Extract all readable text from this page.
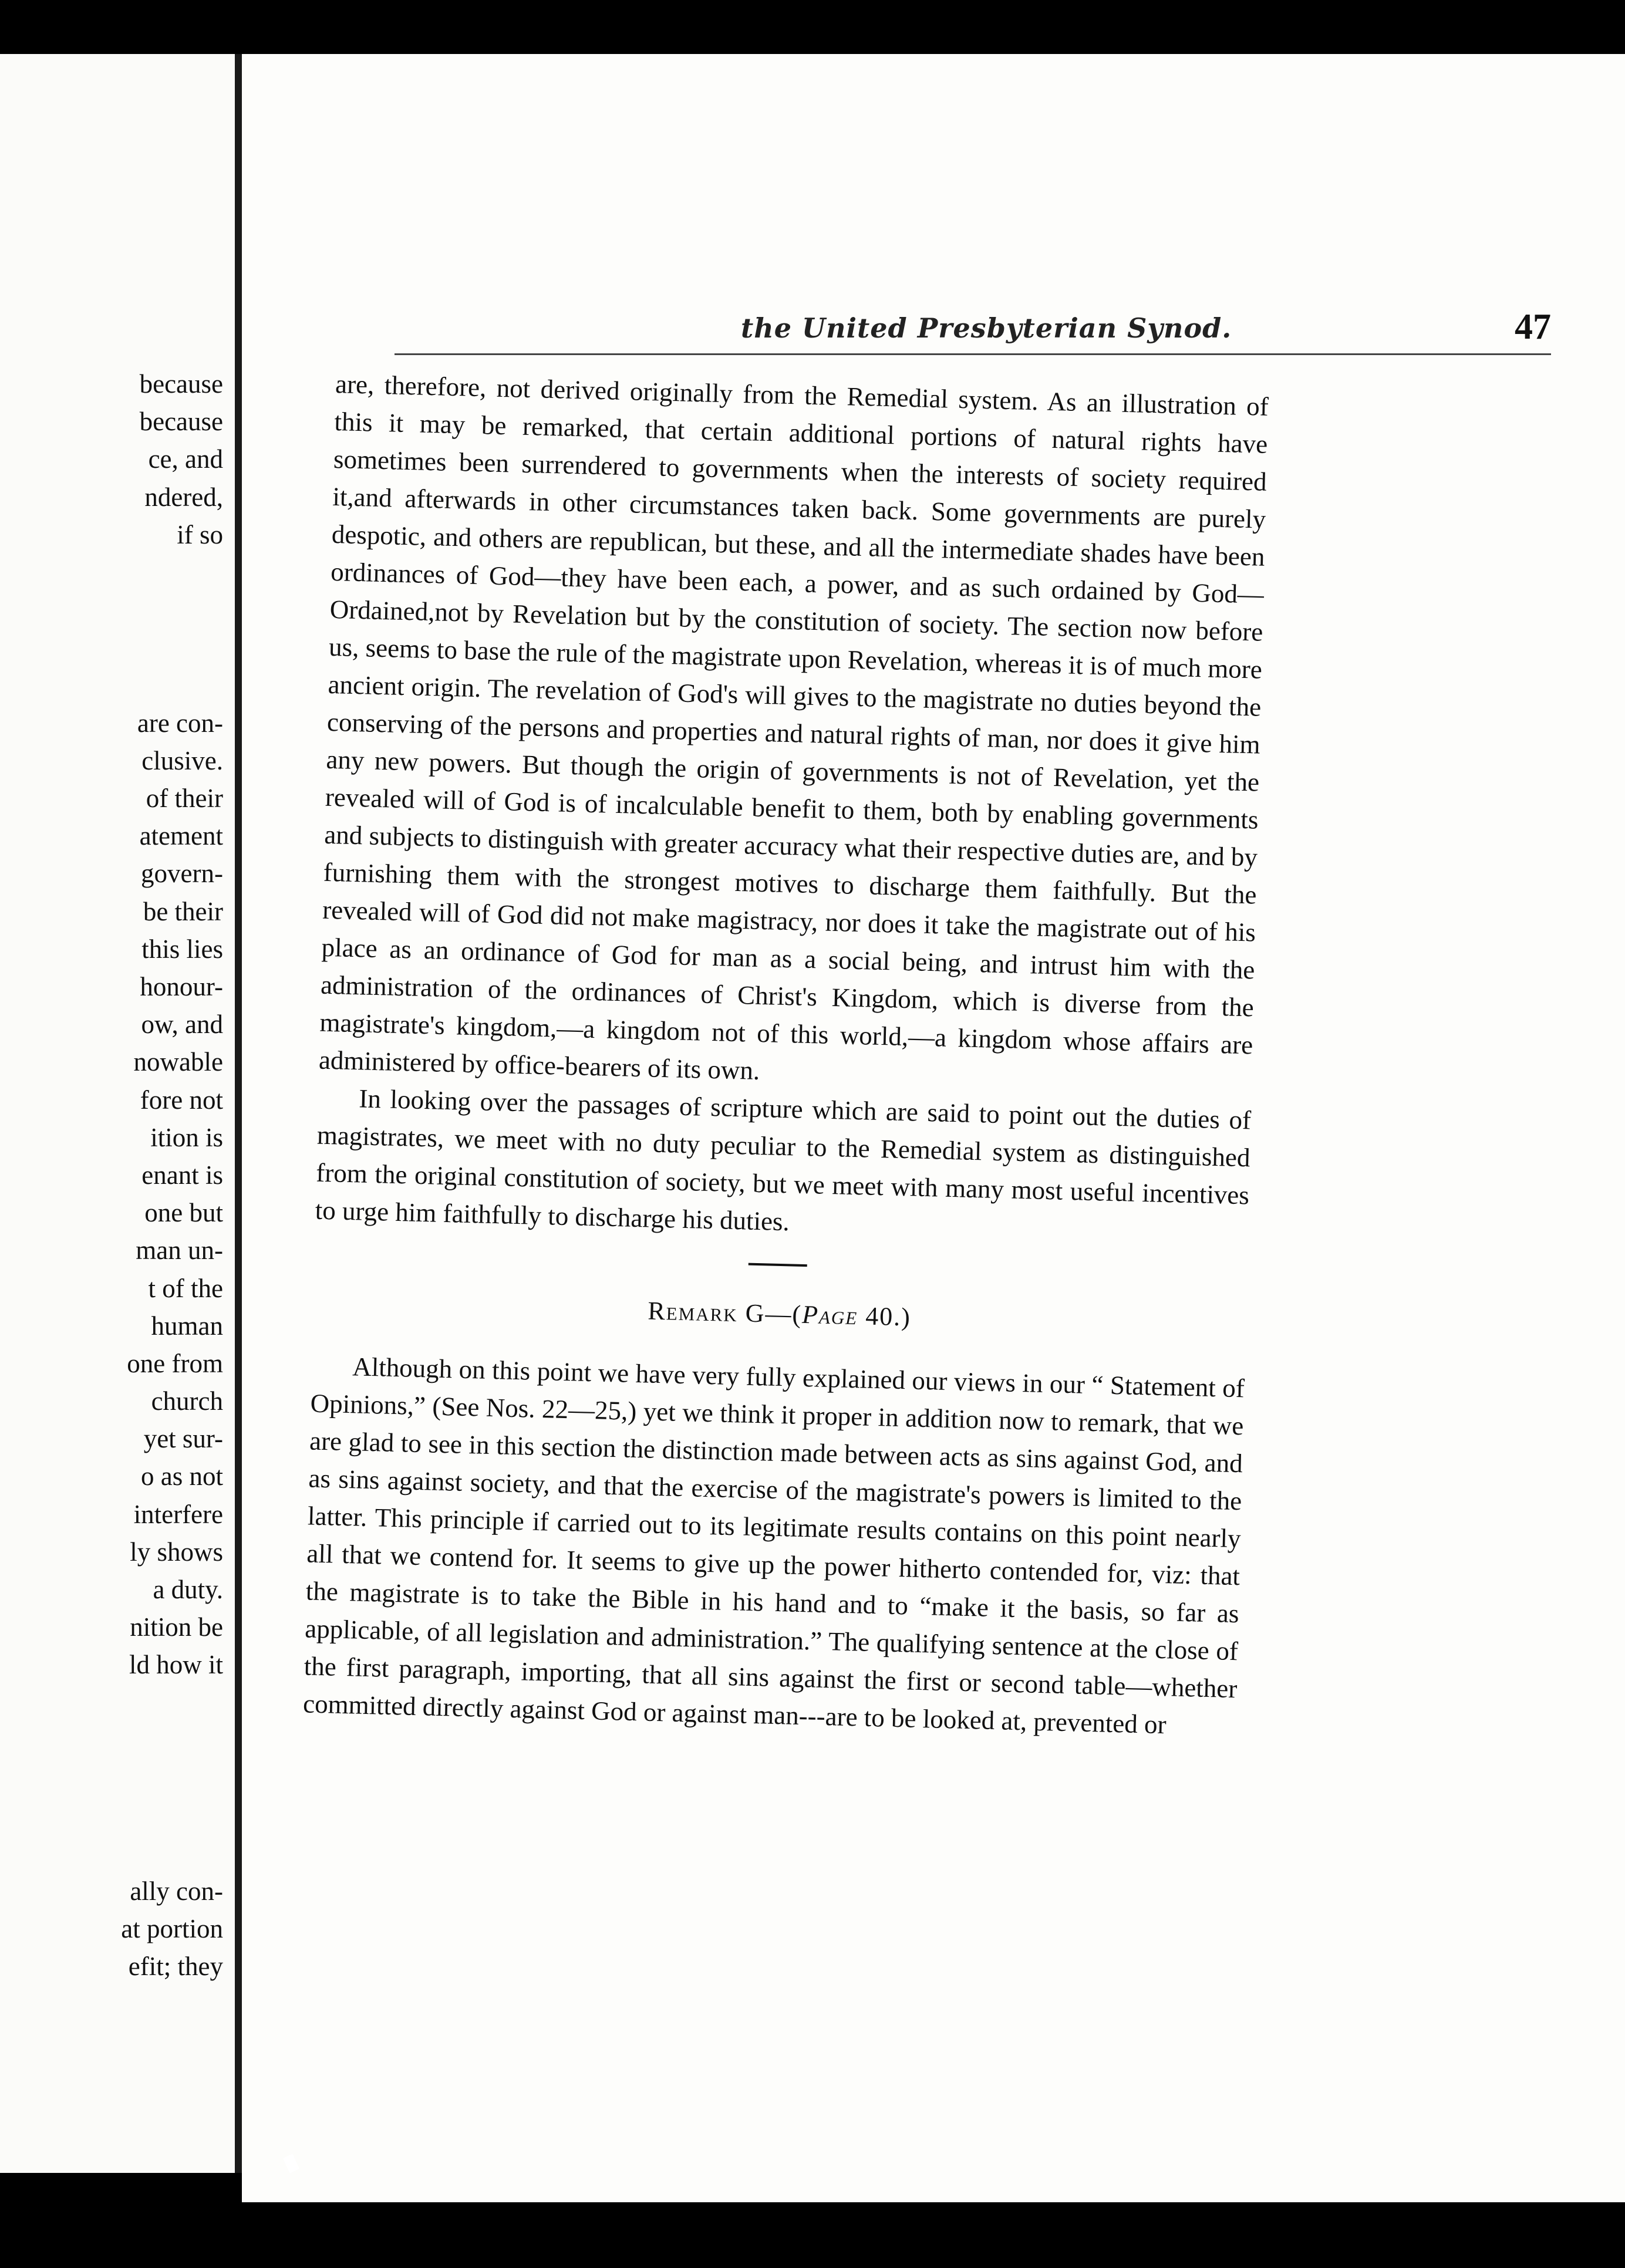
because
because
ce, and
ndered,
if so
are con-
clusive.
of their
atement
govern-
be their
this lies
honour-
ow, and
nowable
fore not
ition is
enant is
one but
man un-
t of the
human
one from
church
yet sur-
o as not
interfere
ly shows
a duty.
nition be
ld how it
ally con-
at portion
efit; they
the United Presbyterian Synod.	47

are, therefore, not derived originally from the Remedial system. As an illustration of this it may be remarked, that certain additional portions of natural rights have sometimes been surrendered to governments when the interests of society required it,and afterwards in other circumstances taken back. Some governments are purely despotic, and others are republican, but these, and all the intermediate shades have been ordinances of God—they have been each, a power, and as such ordained by God—Ordained,not by Revelation but by the constitution of society. The section now before us, seems to base the rule of the magistrate upon Revelation, whereas it is of much more ancient origin. The revelation of God's will gives to the magistrate no duties beyond the conserving of the persons and properties and natural rights of man, nor does it give him any new powers. But though the origin of governments is not of Revelation, yet the revealed will of God is of incalculable benefit to them, both by enabling governments and subjects to distinguish with greater accuracy what their respective duties are, and by furnishing them with the strongest motives to discharge them faithfully. But the revealed will of God did not make magistracy, nor does it take the magistrate out of his place as an ordinance of God for man as a social being, and intrust him with the administration of the ordinances of Christ's Kingdom, which is diverse from the magistrate's kingdom,—a kingdom not of this world,—a kingdom whose affairs are administered by office-bearers of its own.

In looking over the passages of scripture which are said to point out the duties of magistrates, we meet with no duty peculiar to the Remedial system as distinguished from the original constitution of society, but we meet with many most useful incentives to urge him faithfully to discharge his duties.

Remark G—(Page 40.)

Although on this point we have very fully explained our views in our “ Statement of Opinions,” (See Nos. 22—25,) yet we think it proper in addition now to remark, that we are glad to see in this section the distinction made between acts as sins against God, and as sins against society, and that the exercise of the magistrate's powers is limited to the latter. This principle if carried out to its legitimate results contains on this point nearly all that we contend for. It seems to give up the power hitherto contended for, viz: that the magistrate is to take the Bible in his hand and to “make it the basis, so far as applicable, of all legislation and administration.” The qualifying sentence at the close of the first paragraph, importing, that all sins against the first or second table—whether committed directly against God or against man---are to be looked at, prevented or
